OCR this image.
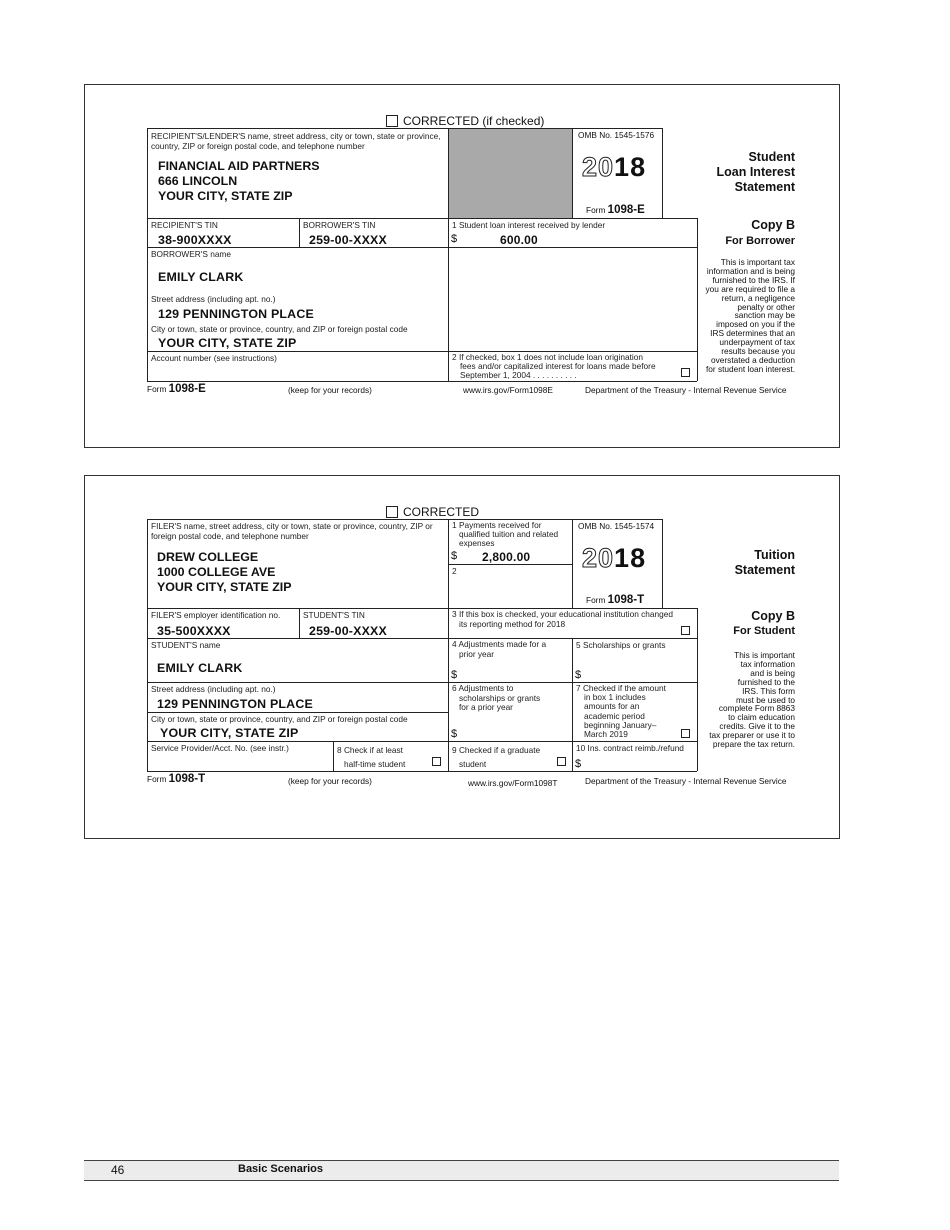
CORRECTED (if checked)
RECIPIENT'S/LENDER'S name, street address, city or town, state or province, country, ZIP or foreign postal code, and telephone number
FINANCIAL AID PARTNERS
666 LINCOLN
YOUR CITY, STATE ZIP
OMB No. 1545-1576
2018
Form 1098-E
Student
Loan Interest
Statement
RECIPIENT'S TIN
38-900XXXX
BORROWER'S TIN
259-00-XXXX
1 Student loan interest received by lender
$	600.00
Copy B
For Borrower
This is important tax
information and is being
furnished to the IRS. If
you are required to file a
return, a negligence
penalty or other
sanction may be
imposed on you if the
IRS determines that an
underpayment of tax
results because you
overstated a deduction
for student loan interest.
BORROWER'S name
EMILY CLARK
Street address (including apt. no.)
129 PENNINGTON PLACE
City or town, state or province, country, and ZIP or foreign postal code
YOUR CITY, STATE ZIP
Account number (see instructions)	2 If checked, box 1 does not include loan origination
fees and/or capitalized interest for loans made before
September 1, 2004 . . . . . . . . . .
Form 1098-E	(keep for your records)	www.irs.gov/Form1098E	Department of the Treasury - Internal Revenue Service
CORRECTED
FILER'S name, street address, city or town, state or province, country, ZIP or foreign postal code, and telephone number
DREW COLLEGE
1000 COLLEGE AVE
YOUR CITY, STATE ZIP
1 Payments received for
qualified tuition and related
expenses
$ 2,800.00
2
OMB No. 1545-1574
2018
Form 1098-T
Tuition
Statement
FILER'S employer identification no.
35-500XXXX
STUDENT'S TIN
259-00-XXXX
3 If this box is checked, your educational institution changed
its reporting method for 2018
Copy B
For Student
This is important
tax information
and is being
furnished to the
IRS. This form
must be used to
complete Form 8863
to claim education
credits. Give it to the
tax preparer or use it to
prepare the tax return.
STUDENT'S name
EMILY CLARK
4 Adjustments made for a
prior year
$
5 Scholarships or grants
$
Street address (including apt. no.)
129 PENNINGTON PLACE
City or town, state or province, country, and ZIP or foreign postal code
YOUR CITY, STATE ZIP
6 Adjustments to
scholarships or grants
for a prior year
$
7 Checked if the amount
in box 1 includes
amounts for an
academic period
beginning January–
March 2019
Service Provider/Acct. No. (see instr.)	8 Check if at least
half-time student
9 Checked if a graduate
student
10 Ins. contract reimb./refund
$
Form 1098-T	(keep for your records)	www.irs.gov/Form1098T	Department of the Treasury - Internal Revenue Service
46	Basic Scenarios
